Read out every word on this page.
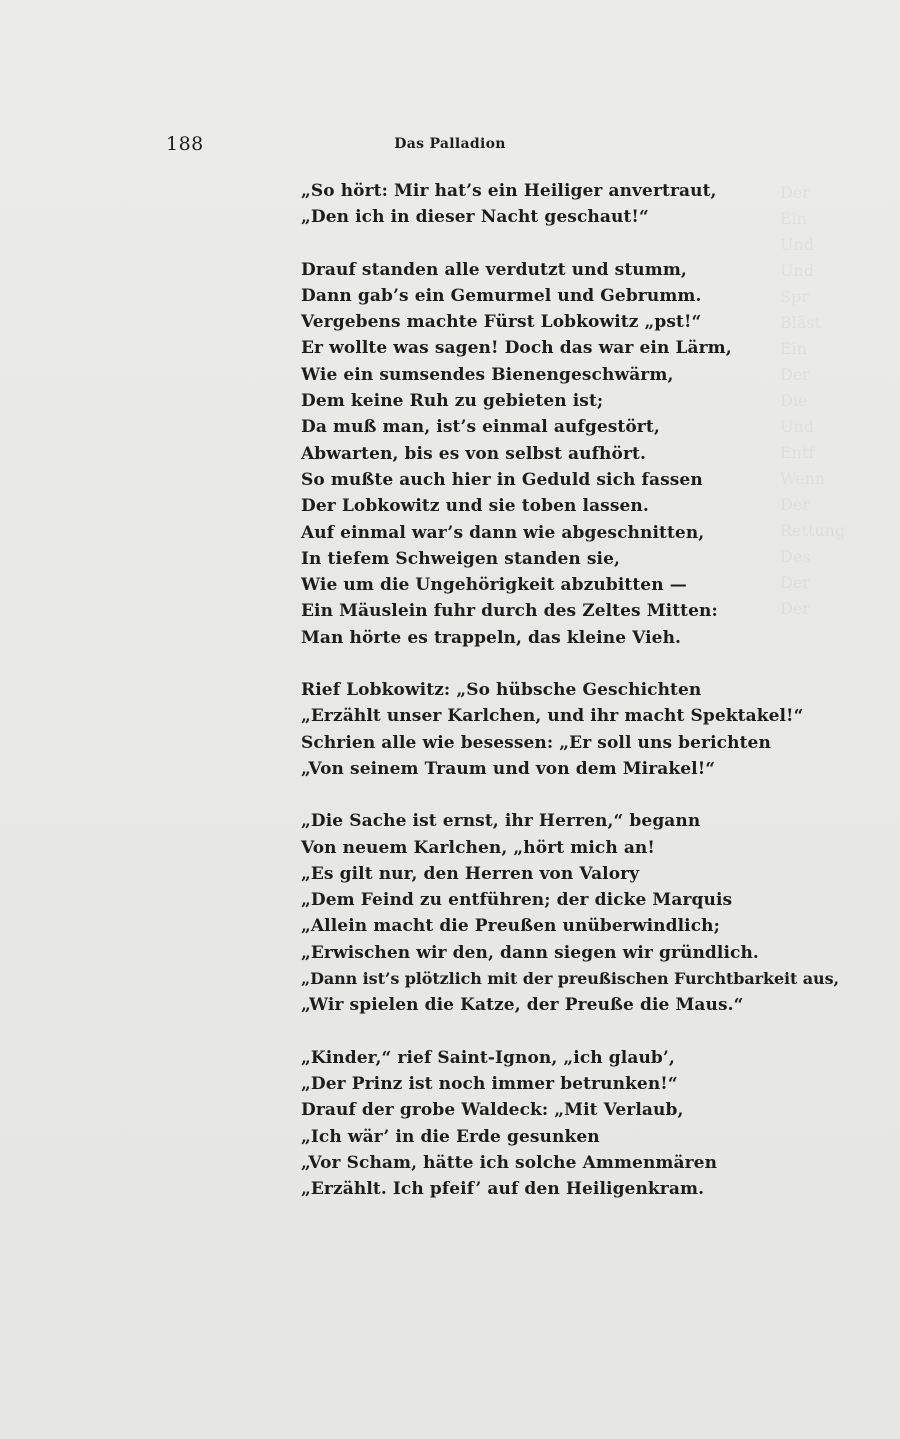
188	Das Palladion
„So hört: Mir hat’s ein Heiliger anvertraut,
„Den ich in dieser Nacht geschaut!“
Drauf standen alle verdutzt und stumm,
Dann gab’s ein Gemurmel und Gebrumm.
Vergebens machte Fürst Lobkowitz „pst!“
Er wollte was sagen! Doch das war ein Lärm,
Wie ein sumsendes Bienengeschwärm,
Dem keine Ruh zu gebieten ist;
Da muß man, ist’s einmal aufgestört,
Abwarten, bis es von selbst aufhört.
So mußte auch hier in Geduld sich fassen
Der Lobkowitz und sie toben lassen.
Auf einmal war’s dann wie abgeschnitten,
In tiefem Schweigen standen sie,
Wie um die Ungehörigkeit abzubitten —
Ein Mäuslein fuhr durch des Zeltes Mitten:
Man hörte es trappeln, das kleine Vieh.
Rief Lobkowitz: „So hübsche Geschichten
„Erzählt unser Karlchen, und ihr macht Spektakel!“
Schrien alle wie besessen: „Er soll uns berichten
„Von seinem Traum und von dem Mirakel!“
„Die Sache ist ernst, ihr Herren,“ begann
Von neuem Karlchen, „hört mich an!
„Es gilt nur, den Herren von Valory
„Dem Feind zu entführen; der dicke Marquis
„Allein macht die Preußen unüberwindlich;
„Erwischen wir den, dann siegen wir gründlich.
„Dann ist’s plötzlich mit der preußischen Furchtbarkeit aus,
„Wir spielen die Katze, der Preuße die Maus.“
„Kinder,“ rief Saint-Ignon, „ich glaub’,
„Der Prinz ist noch immer betrunken!“
Drauf der grobe Waldeck: „Mit Verlaub,
„Ich wär’ in die Erde gesunken
„Vor Scham, hätte ich solche Ammenmären
„Erzählt. Ich pfeif’ auf den Heiligenkram.
